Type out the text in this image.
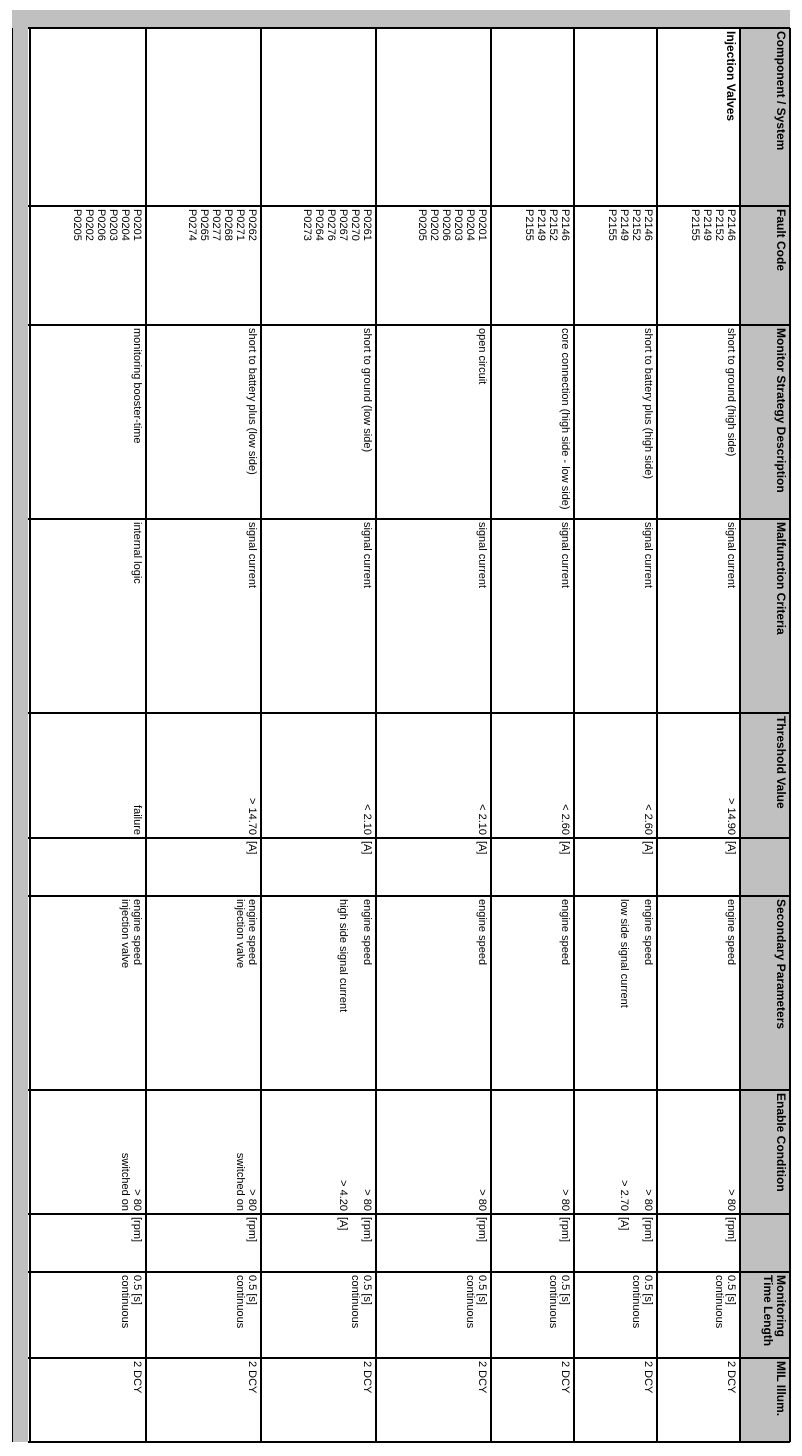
Component / System
Fault Code
Monitor Strategy Description
Malfunction Criteria
Threshold Value
Secondary Parameters
Enable Condition
Monitoring Time Length
MIL Illum.
Injection Valves
P2146
P2152
P2149
P2155
short to ground (high side)
signal current
> 14.90
[A]
engine speed
> 80
[rpm]
0.5 [s]
continuous
2 DCY
P2146
P2152
P2149
P2155
short to battery plus (high side)
signal current
< 2.60
[A]
engine speed
low side signal current
> 80
> 2.70
[rpm]
[A]
0.5 [s]
continuous
2 DCY
P2146
P2152
P2149
P2155
core connection (high side - low side)
signal current
< 2.60
[A]
engine speed
> 80
[rpm]
0.5 [s]
continuous
2 DCY
P0201
P0204
P0203
P0206
P0202
P0205
open circuit
signal current
< 2.10
[A]
engine speed
> 80
[rpm]
0.5 [s]
continuous
2 DCY
P0261
P0270
P0267
P0276
P0264
P0273
short to ground (low side)
signal current
< 2.10
[A]
engine speed
high side signal current
> 80
> 4.20
[rpm]
[A]
0.5 [s]
continuous
2 DCY
P0262
P0271
P0268
P0277
P0265
P0274
short to battery plus (low side)
signal current
> 14.70
[A]
engine speed
injection valve
> 80
switched on
[rpm]
0.5 [s]
continuous
2 DCY
P0201
P0204
P0203
P0206
P0202
P0205
monitoring booster-time
internal logic
failure
engine speed
injection valve
> 80
switched on
[rpm]
0.5 [s]
continuous
2 DCY
